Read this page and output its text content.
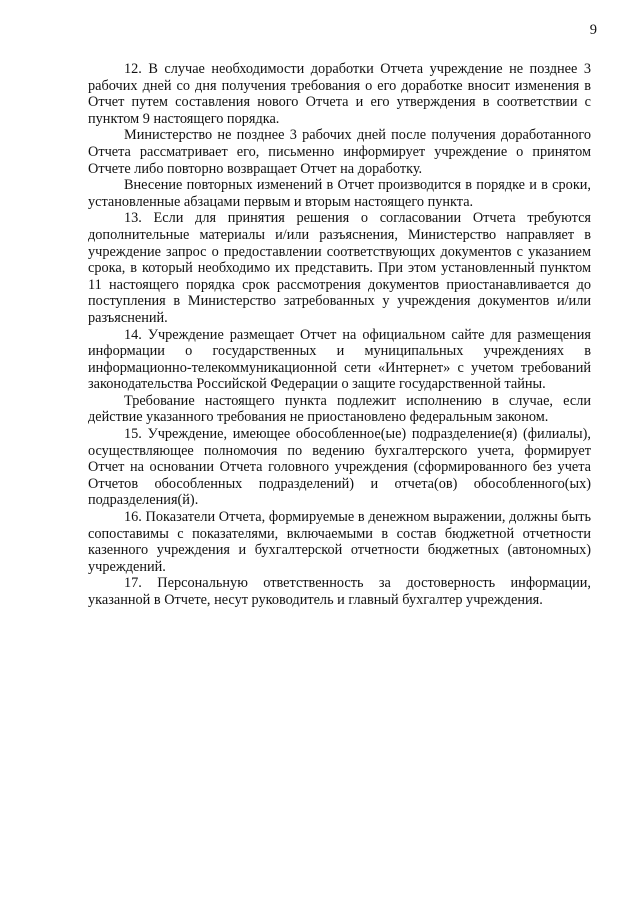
9

12. В случае необходимости доработки Отчета учреждение не позднее 3 рабочих дней со дня получения требования о его доработке вносит изменения в Отчет путем составления нового Отчета и его утверждения в соответствии с пунктом 9 настоящего порядка.

Министерство не позднее 3 рабочих дней после получения доработанного Отчета рассматривает его, письменно информирует учреждение о принятом Отчете либо повторно возвращает Отчет на доработку.

Внесение повторных изменений в Отчет производится в порядке и в сроки, установленные абзацами первым и вторым настоящего пункта.

13. Если для принятия решения о согласовании Отчета требуются дополнительные материалы и/или разъяснения, Министерство направляет в учреждение запрос о предоставлении соответствующих документов с указанием срока, в который необходимо их представить. При этом установленный пунктом 11 настоящего порядка срок рассмотрения документов приостанавливается до поступления в Министерство затребованных у учреждения документов и/или разъяснений.

14. Учреждение размещает Отчет на официальном сайте для размещения информации о государственных и муниципальных учреждениях в информационно-телекоммуникационной сети «Интернет» с учетом требований законодательства Российской Федерации о защите государственной тайны.

Требование настоящего пункта подлежит исполнению в случае, если действие указанного требования не приостановлено федеральным законом.

15. Учреждение, имеющее обособленное(ые) подразделение(я) (филиалы), осуществляющее полномочия по ведению бухгалтерского учета, формирует Отчет на основании Отчета головного учреждения (сформированного без учета Отчетов обособленных подразделений) и отчета(ов) обособленного(ых) подразделения(й).

16. Показатели Отчета, формируемые в денежном выражении, должны быть сопоставимы с показателями, включаемыми в состав бюджетной отчетности казенного учреждения и бухгалтерской отчетности бюджетных (автономных) учреждений.

17. Персональную ответственность за достоверность информации, указанной в Отчете, несут руководитель и главный бухгалтер учреждения.
